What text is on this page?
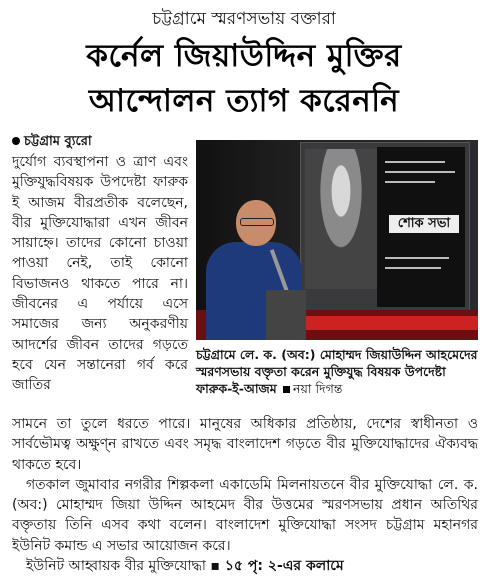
চট্টগ্রামে স্মরণসভায় বক্তারা
কর্নেল জিয়াউদ্দিন মুক্তির
আন্দোলন ত্যাগ করেননি
চট্টগ্রাম ব্যুরো

দুর্যোগ ব্যবস্থাপনা ও ত্রাণ এবং মুক্তিযুদ্ধবিষয়ক উপদেষ্টা ফারুক ই আজম বীরপ্রতীক বলেছেন, বীর মুক্তিযোদ্ধারা এখন জীবন সায়াহ্নে। তাদের কোনো চাওয়া পাওয়া নেই, তাই কোনো বিভাজনও থাকতে পারে না। জীবনের এ পর্যায়ে এসে সমাজের জন্য অনুকরণীয় আদর্শের জীবন তাদের গড়তে হবে যেন সন্তানেরা গর্ব করে জাতির

শোক সভা
চট্টগ্রামে লে. ক. (অব:) মোহাম্মদ জিয়াউদ্দিন আহমেদের স্মরণসভায় বক্তৃতা করেন মুক্তিযুদ্ধ বিষয়ক উপদেষ্টা ফারুক-ই-আজম নয়া দিগন্ত

সামনে তা তুলে ধরতে পারে। মানুষের অধিকার প্রতিষ্ঠায়, দেশের স্বাধীনতা ও সার্বভৌমত্ব অক্ষুণ্ন রাখতে এবং সমৃদ্ধ বাংলাদেশ গড়তে বীর মুক্তিযোদ্ধাদের ঐক্যবদ্ধ থাকতে হবে।

গতকাল জুমাবার নগরীর শিল্পকলা একাডেমি মিলনায়তনে বীর মুক্তিযোদ্ধা লে. ক. (অব:) মোহাম্মদ জিয়া উদ্দিন আহমেদ বীর উত্তমের স্মরণসভায় প্রধান অতিথির বক্তৃতায় তিনি এসব কথা বলেন। বাংলাদেশ মুক্তিযোদ্ধা সংসদ চট্টগ্রাম মহানগর ইউনিট কমান্ড এ সভার আয়োজন করে।

ইউনিট আহ্বায়ক বীর মুক্তিযোদ্ধা ▪ ১৫ পৃ: ২-এর কলামে
